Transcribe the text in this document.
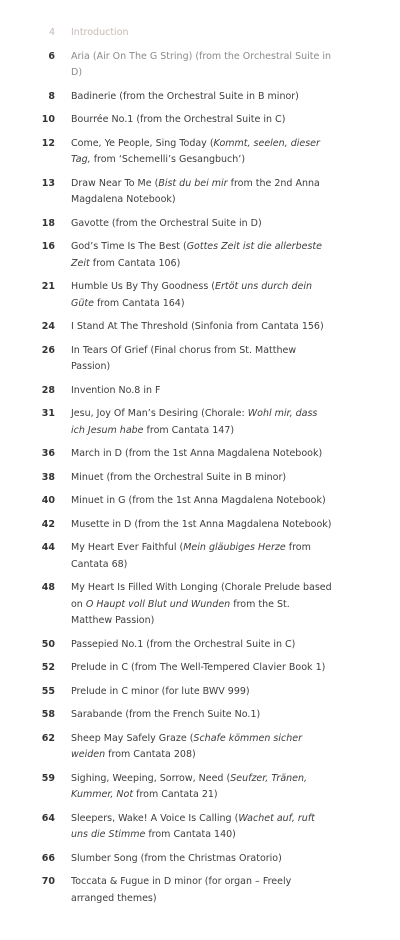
4	Introduction
6	Aria (Air On The G String) (from the Orchestral Suite in D)
8	Badinerie (from the Orchestral Suite in B minor)
10	Bourrée No.1 (from the Orchestral Suite in C)
12	Come, Ye People, Sing Today (Kommt, seelen, dieser Tag, from ‘Schemelli’s Gesangbuch’)
13	Draw Near To Me (Bist du bei mir from the 2nd Anna Magdalena Notebook)
18	Gavotte (from the Orchestral Suite in D)
16	God’s Time Is The Best (Gottes Zeit ist die allerbeste Zeit from Cantata 106)
21	Humble Us By Thy Goodness (Ertöt uns durch dein Güte from Cantata 164)
24	I Stand At The Threshold (Sinfonia from Cantata 156)
26	In Tears Of Grief (Final chorus from St. Matthew Passion)
28	Invention No.8 in F
31	Jesu, Joy Of Man’s Desiring (Chorale: Wohl mir, dass ich Jesum habe from Cantata 147)
36	March in D (from the 1st Anna Magdalena Notebook)
38	Minuet (from the Orchestral Suite in B minor)
40	Minuet in G (from the 1st Anna Magdalena Notebook)
42	Musette in D (from the 1st Anna Magdalena Notebook)
44	My Heart Ever Faithful (Mein gläubiges Herze from Cantata 68)
48	My Heart Is Filled With Longing (Chorale Prelude based on O Haupt voll Blut und Wunden from the St. Matthew Passion)
50	Passepied No.1 (from the Orchestral Suite in C)
52	Prelude in C (from The Well-Tempered Clavier Book 1)
55	Prelude in C minor (for lute BWV 999)
58	Sarabande (from the French Suite No.1)
62	Sheep May Safely Graze (Schafe kömmen sicher weiden from Cantata 208)
59	Sighing, Weeping, Sorrow, Need (Seufzer, Tränen, Kummer, Not from Cantata 21)
64	Sleepers, Wake! A Voice Is Calling (Wachet auf, ruft uns die Stimme from Cantata 140)
66	Slumber Song (from the Christmas Oratorio)
70	Toccata & Fugue in D minor (for organ – Freely arranged themes)
